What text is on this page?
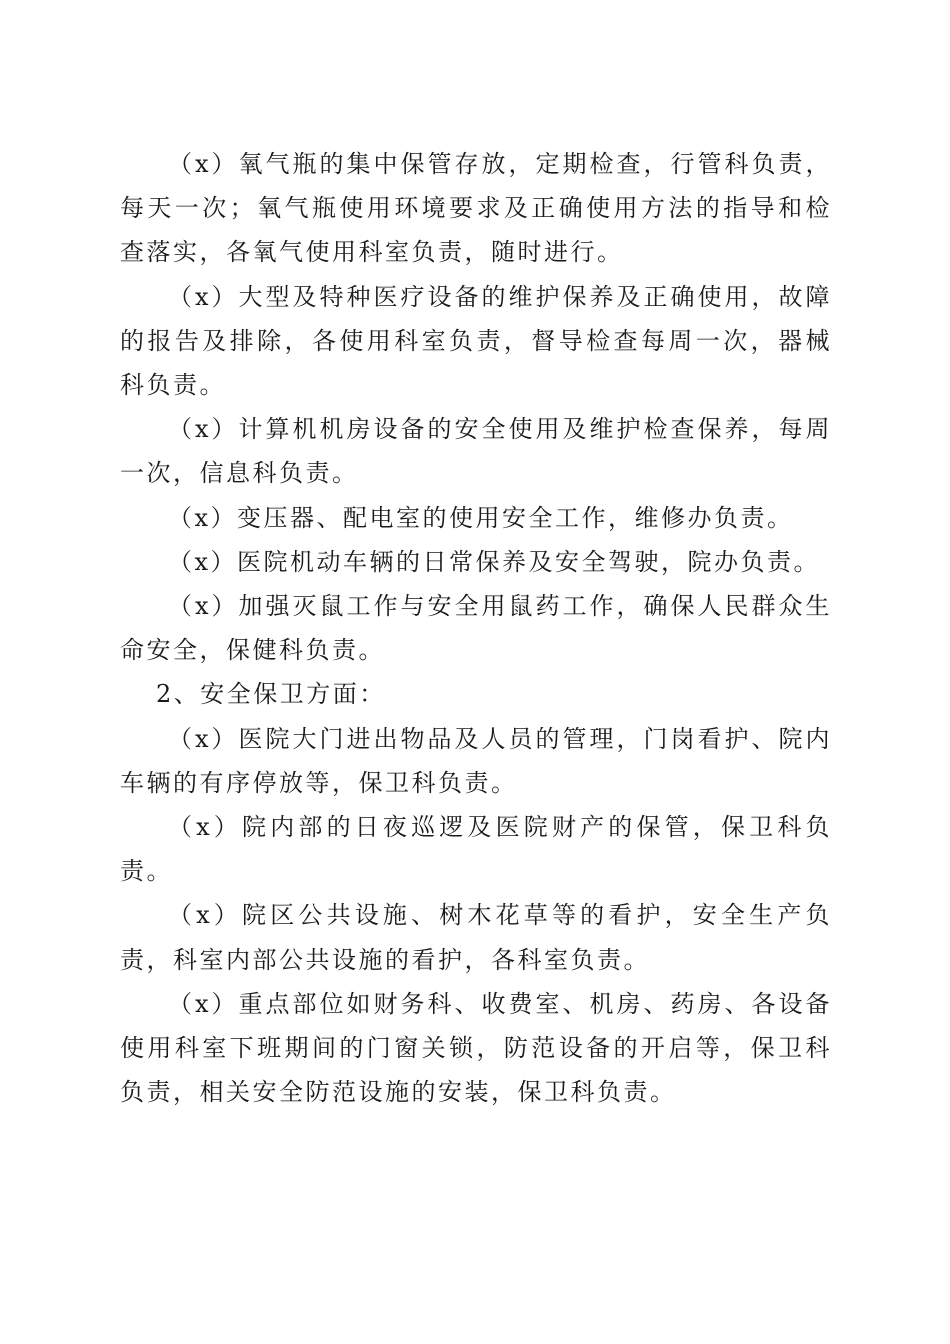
（x）氧气瓶的集中保管存放，定期检查，行管科负责，每天一次；氧气瓶使用环境要求及正确使用方法的指导和检查落实，各氧气使用科室负责，随时进行。

（x）大型及特种医疗设备的维护保养及正确使用，故障的报告及排除，各使用科室负责，督导检查每周一次，器械科负责。

（x）计算机机房设备的安全使用及维护检查保养，每周一次，信息科负责。

（x）变压器、配电室的使用安全工作，维修办负责。

（x）医院机动车辆的日常保养及安全驾驶，院办负责。

（x）加强灭鼠工作与安全用鼠药工作，确保人民群众生命安全，保健科负责。

2、安全保卫方面：

（x）医院大门进出物品及人员的管理，门岗看护、院内车辆的有序停放等，保卫科负责。

（x）院内部的日夜巡逻及医院财产的保管，保卫科负责。

（x）院区公共设施、树木花草等的看护，安全生产负责，科室内部公共设施的看护，各科室负责。

（x）重点部位如财务科、收费室、机房、药房、各设备使用科室下班期间的门窗关锁，防范设备的开启等，保卫科负责，相关安全防范设施的安装，保卫科负责。
